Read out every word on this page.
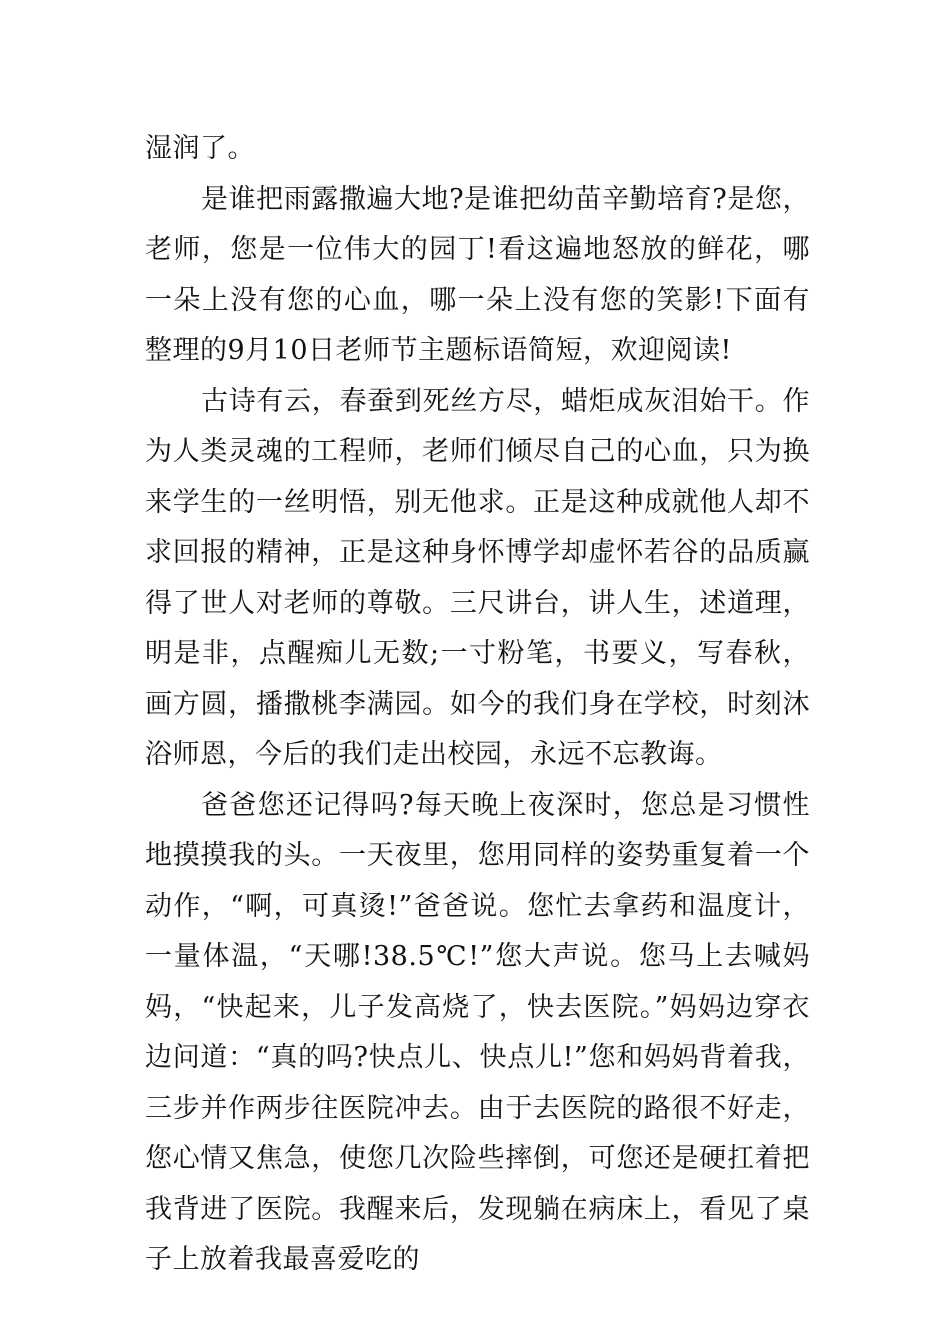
湿润了。

是谁把雨露撒遍大地?是谁把幼苗辛勤培育?是您，老师，您是一位伟大的园丁!看这遍地怒放的鲜花，哪一朵上没有您的心血，哪一朵上没有您的笑影!下面有整理的9月10日老师节主题标语简短，欢迎阅读!

古诗有云，春蚕到死丝方尽，蜡炬成灰泪始干。作为人类灵魂的工程师，老师们倾尽自己的心血，只为换来学生的一丝明悟，别无他求。正是这种成就他人却不求回报的精神，正是这种身怀博学却虚怀若谷的品质赢得了世人对老师的尊敬。三尺讲台，讲人生，述道理，明是非，点醒痴儿无数;一寸粉笔，书要义，写春秋，画方圆，播撒桃李满园。如今的我们身在学校，时刻沐浴师恩，今后的我们走出校园，永远不忘教诲。

爸爸您还记得吗?每天晚上夜深时，您总是习惯性地摸摸我的头。一天夜里，您用同样的姿势重复着一个动作，“啊，可真烫!”爸爸说。您忙去拿药和温度计，一量体温，“天哪!38.5℃!”您大声说。您马上去喊妈妈，“快起来，儿子发高烧了，快去医院。”妈妈边穿衣边问道：“真的吗?快点儿、快点儿!”您和妈妈背着我，三步并作两步往医院冲去。由于去医院的路很不好走，您心情又焦急，使您几次险些摔倒，可您还是硬扛着把我背进了医院。我醒来后，发现躺在病床上，看见了桌子上放着我最喜爱吃的
